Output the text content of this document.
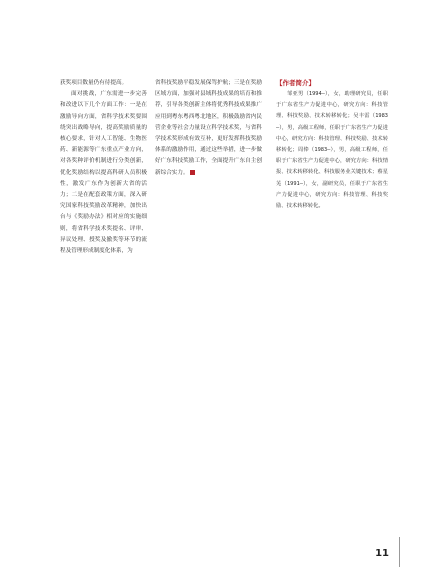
获奖项目数量仍有待提高。

面对挑战，广东需进一步完善和改进以下几个方面工作：一是在激励导向方面，省科学技术奖要围绕突出战略导向，提高奖励质量的核心要求，针对人工智能、生物医药、新能源等广东重点产业方向，对各奖种评价机制进行分类创新，优化奖励结构以提高科研人员积极性，激发广东作为创新大省的活力；二是在配套政策方面，深入研究国家科技奖励改革精神，加快出台与《奖励办法》相对应的实施细则，将省科学技术奖提名、评审、异议处理、授奖及撤奖等环节的流程及管理形成制度化体系，为

省科技奖励平稳发展保驾护航；三是在奖励区域方面，加强对县域科技成果的培育和推荐，引导各类创新主体将优秀科技成果推广应用到粤东粤西粤北地区，积极鼓励省内民营企业等社会力量设立科学技术奖，与省科学技术奖形成有效互补，更好发挥科技奖励体系的激励作用，通过这些举措，进一步做好广东科技奖励工作，全面提升广东自主创新综合实力。

【作者简介】

邹亚男（1994—），女，助理研究员，任职于广东省生产力促进中心，研究方向：科技管理、科技奖励、技术转移转化；吴丰雷（1983—），男，高级工程师，任职于广东省生产力促进中心，研究方向：科技管理、科技奖励、技术转移转化；周俸（1983—），男，高级工程师，任职于广东省生产力促进中心，研究方向：科技情报、技术转移转化、科技服务业关键技术；蔡星芜（1991—），女，副研究员，任职于广东省生产力促进中心，研究方向：科技管理、科技奖励、技术转移转化。

11
